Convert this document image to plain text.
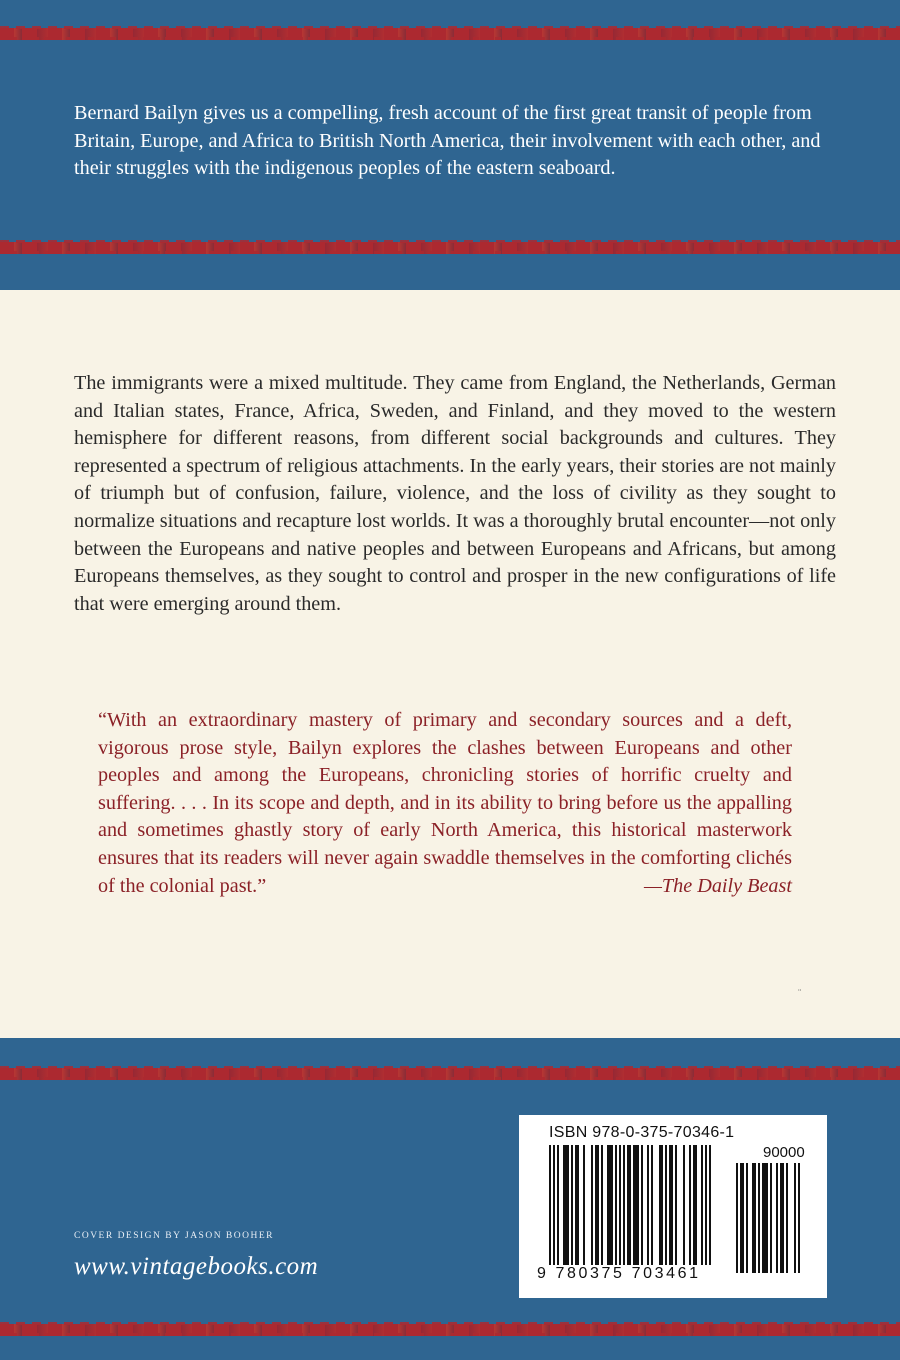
Bernard Bailyn gives us a compelling, fresh account of the first great transit of people from Britain, Europe, and Africa to British North America, their involvement with each other, and their struggles with the indigenous peoples of the eastern seaboard.

The immigrants were a mixed multitude. They came from England, the Netherlands, German and Italian states, France, Africa, Sweden, and Finland, and they moved to the western hemisphere for different reasons, from different social backgrounds and cultures. They represented a spectrum of religious attachments. In the early years, their stories are not mainly of triumph but of confusion, failure, violence, and the loss of civility as they sought to normalize situations and recapture lost worlds. It was a thoroughly brutal encounter—not only between the Europeans and native peoples and between Europeans and Africans, but among Europeans themselves, as they sought to control and prosper in the new configurations of life that were emerging around them.

“With an extraordinary mastery of primary and secondary sources and a deft, vigorous prose style, Bailyn explores the clashes between Europeans and other peoples and among the Europeans, chronicling stories of horrific cruelty and suffering. . . . In its scope and depth, and in its ability to bring before us the appalling and sometimes ghastly story of early North America, this historical masterwork ensures that its readers will never again swaddle themselves in the comforting clichés of the colonial past.”	—The Daily Beast

¨
COVER DESIGN BY JASON BOOHER
www.vintagebooks.com
ISBN 978-0-375-70346-1
90000
9 780375 703461
